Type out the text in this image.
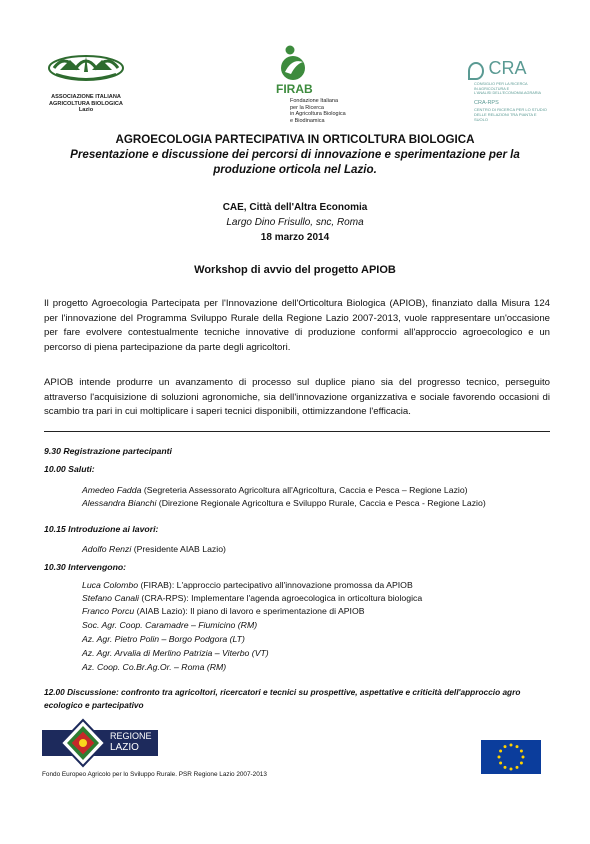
ASSOCIAZIONE ITALIANA
AGRICOLTURA BIOLOGICA
Lazio
FIRAB
Fondazione Italiana
per la Ricerca
in Agricoltura Biologica
e Biodinamica
CRA
CONSIGLIO PER LA RICERCA
IN AGRICOLTURA E
L'ANALISI DELL'ECONOMIA AGRARIA
CRA-RPS
CENTRO DI RICERCA PER LO STUDIO
DELLE RELAZIONI TRA PIANTA E SUOLO
AGROECOLOGIA PARTECIPATIVA IN ORTICOLTURA BIOLOGICA
Presentazione e discussione dei percorsi di innovazione e sperimentazione per la
produzione orticola nel Lazio.
CAE, Città dell'Altra Economia
Largo Dino Frisullo, snc, Roma
18 marzo 2014
Workshop di avvio del progetto APIOB
Il progetto Agroecologia Partecipata per l'Innovazione dell'Orticoltura Biologica (APIOB), finanziato dalla Misura 124 per l'innovazione del Programma Sviluppo Rurale della Regione Lazio 2007-2013, vuole rappresentare un'occasione per fare evolvere contestualmente tecniche innovative di produzione conformi all'approccio agroecologico e un percorso di piena partecipazione da parte degli agricoltori.
APIOB intende produrre un avanzamento di processo sul duplice piano sia del progresso tecnico, perseguito attraverso l'acquisizione di soluzioni agronomiche, sia dell'innovazione organizzativa e sociale favorendo occasioni di scambio tra pari in cui moltiplicare i saperi tecnici disponibili, ottimizzandone l'efficacia.
9.30 Registrazione partecipanti
10.00 Saluti:
Amedeo Fadda (Segreteria Assessorato Agricoltura all'Agricoltura, Caccia e Pesca – Regione Lazio)
Alessandra Bianchi (Direzione Regionale Agricoltura e Sviluppo Rurale, Caccia e Pesca - Regione Lazio)
10.15 Introduzione ai lavori:
Adolfo Renzi (Presidente AIAB Lazio)
10.30 Intervengono:
Luca Colombo (FIRAB): L'approccio partecipativo all'innovazione promossa da APIOB
Stefano Canali (CRA-RPS): Implementare l'agenda agroecologica in orticoltura biologica
Franco Porcu (AIAB Lazio): Il piano di lavoro e sperimentazione di APIOB
Soc. Agr. Coop. Caramadre – Fiumicino (RM)
Az. Agr. Pietro Polin – Borgo Podgora (LT)
Az. Agr. Arvalia di Merlino Patrizia – Viterbo (VT)
Az. Coop. Co.Br.Ag.Or. – Roma (RM)
12.00 Discussione: confronto tra agricoltori, ricercatori e tecnici su prospettive, aspettative e criticità dell'approccio agro
ecologico e partecipativo
REGIONE
LAZIO
Fondo Europeo Agricolo per lo Sviluppo Rurale. PSR Regione Lazio 2007-2013
